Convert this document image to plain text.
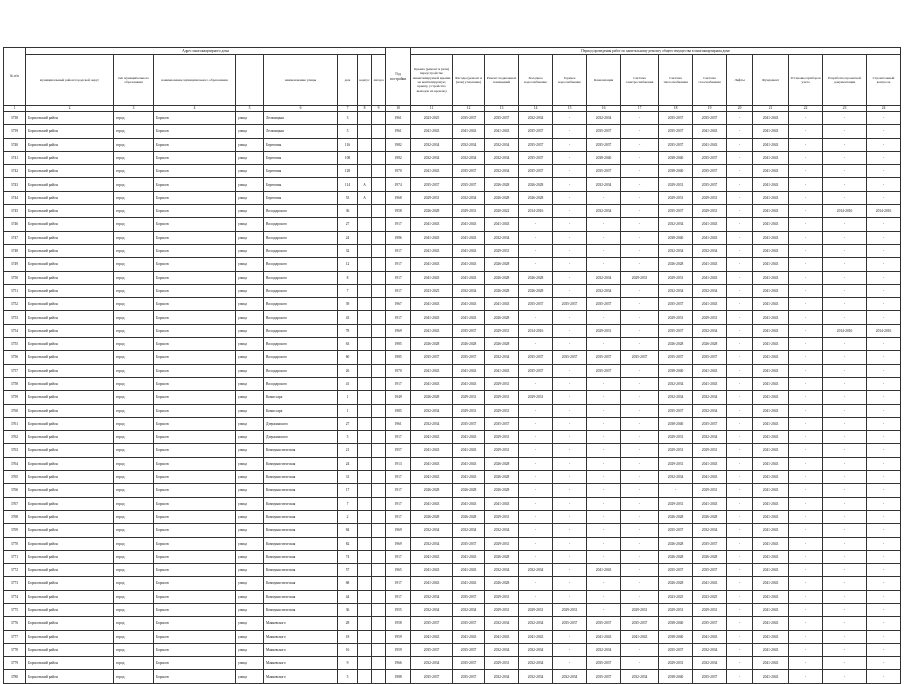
№ п/п	Адрес многоквартирного дома								Год постройки	Период проведения работ по капитальному ремонту общего имущества в многоквартирном доме													
	муниципальный район/городской округ	тип муниципального образования	наименование муниципального образования		наименование улицы	дом	корпус	литера		Крыша (ремонт и (или) переустройство невентилируемой крыши на вентилируемую крышу, устройство выходов на кровлю)	Фасады (ремонт и (или) утепление)	Ремонт подвальных помещений	Холодное водоснабжение	Горячее водоснабжение	Канализация	Система электроснабжения	Система теплоснабжения	Система газоснабжения	Лифты	Фундамент	Установка приборов учета	Разработка проектной документации	Строительный контроль
1	2	3	4	5	6	7	8	9	10	11	12	13	14	15	16	17	18	19	20	21	22	23	24
3738	Борисовский район	город	Борисов	улица	Лельчицкая	3			1961	2023-2025	2035-2037	2035-2037	2032-2034	-	2032-2034	-	2035-2037	2035-2037	-	2041-2043	-	-	-
3739	Борисовский район	город	Борисов	улица	Лельчицкая	5			1961	2041-2043	2041-2043	2041-2043	2035-2037	-	2035-2037	-	2035-2037	2041-2043	-	2041-2043	-	-	-
3740	Борисовский район	город	Борисов	улица	Береговая	116			1982	2032-2034	2032-2034	2032-2034	2035-2037	-	2035-2037	-	2035-2037	2041-2043	-	2041-2043	-	-	-
3741	Борисовский район	город	Борисов	улица	Береговая	108			1982	2032-2034	2032-2034	2032-2034	2035-2037	-	2038-2040	-	2038-2040	2035-2037	-	2041-2043	-	-	-
3742	Борисовский район	город	Борисов	улица	Береговая	128			1970	2041-2043	2035-2037	2032-2034	2035-2037	-	2035-2037	-	2038-2040	2035-2037	-	2041-2043	-	-	-
3743	Борисовский район	город	Борисов	улица	Береговая	114	А		1974	2035-2037	2035-2037	2026-2028	2026-2028	-	2032-2034	-	2029-2031	2035-2037	-	2041-2043	-	-	-
3744	Борисовский район	город	Борисов	улица	Береговая	53	А		1968	2029-2031	2032-2034	2026-2028	2026-2028	-	-	-	2029-2031	2029-2031	-	2041-2043	-	-	-
3745	Борисовский район	город	Борисов	улица	Володарского	36			1958	2026-2028	2029-2031	2020-2022	2014-2016	-	2032-2034	-	2035-2037	2029-2031	-	2041-2043	-	2014-2016	2014-2016
3746	Борисовский район	город	Борисов	улица	Володарского	27			1917	2041-2043	2041-2043	2041-2043	-	-	-	-	2032-2034	2041-2043	-	2041-2043	-	-	-
3747	Борисовский район	город	Борисов	улица	Володарского	24			1986	2041-2043	2041-2043	2032-2034	-	-	-	-	2038-2040	2041-2043	-	2041-2043	-	-	-
3748	Борисовский район	город	Борисов	улица	Володарского	32			1917	2041-2043	2041-2043	2029-2031	-	-	-	-	2032-2034	2032-2034	-	2041-2043	-	-	-
3749	Борисовский район	город	Борисов	улица	Володарского	12			1917	2041-2043	2041-2043	2026-2028	-	-	-	-	2026-2028	2041-2043	-	2041-2043	-	-	-
3750	Борисовский район	город	Борисов	улица	Володарского	8			1917	2041-2043	2041-2043	2026-2028	2026-2028	-	2032-2034	2029-2031	2029-2031	2041-2043	-	2041-2043	-	-	-
3751	Борисовский район	город	Борисов	улица	Володарского	7			1917	2023-2025	2032-2034	2026-2028	2026-2028	-	2032-2034	-	2032-2034	2032-2034	-	2041-2043	-	-	-
3752	Борисовский район	город	Борисов	улица	Володарского	39			1967	2041-2043	2041-2043	2041-2043	2035-2037	2035-2037	2035-2037	-	2035-2037	2041-2043	-	2041-2043	-	-	-
3753	Борисовский район	город	Борисов	улица	Володарского	43			1917	2041-2043	2041-2043	2026-2028	-	-	-	-	2029-2031	2029-2031	-	2041-2043	-	-	-
3754	Борисовский район	город	Борисов	улица	Володарского	78			1969	2041-2043	2035-2037	2029-2031	2014-2016	-	2029-2031	-	2035-2037	2032-2034	-	2041-2043	-	2014-2016	2014-2016
3755	Борисовский район	город	Борисов	улица	Володарского	63			1985	2026-2028	2026-2028	2026-2028	-	-	-	-	2026-2028	2026-2028	-	2041-2043	-	-	-
3756	Борисовский район	город	Борисов	улица	Володарского	60			1985	2035-2037	2035-2037	2032-2034	2035-2037	2035-2037	2035-2037	2035-2037	2035-2037	2035-2037	-	2041-2043	-	-	-
3757	Борисовский район	город	Борисов	улица	Володарского	26			1970	2041-2043	2041-2043	2041-2043	2035-2037	-	2035-2037	-	2038-2040	2041-2043	-	2041-2043	-	-	-
3758	Борисовский район	город	Борисов	улица	Володарского	41			1917	2041-2043	2041-2043	2029-2031	-	-	-	-	2032-2034	2041-2043	-	2041-2043	-	-	-
3759	Борисовский район	город	Борисов	улица	Комиссара	1			1949	2026-2028	2029-2031	2029-2031	2029-2031	-	-	-	2032-2034	2032-2034	-	2041-2043	-	-	-
3760	Борисовский район	город	Борисов	улица	Комиссара	1			1985	2032-2034	2029-2031	2029-2031	-	-	-	-	2035-2037	2032-2034	-	2041-2043	-	-	-
3761	Борисовский район	город	Борисов	улица	Дзержинского	27			1961	2032-2034	2035-2037	2035-2037	-	-	-	-	2038-2040	2035-2037	-	2041-2043	-	-	-
3762	Борисовский район	город	Борисов	улица	Дзержинского	5			1917	2041-2043	2041-2043	2029-2031	-	-	-	-	2029-2031	2032-2034	-	2041-2043	-	-	-
3763	Борисовский район	город	Борисов	улица	Коммунистическая	21			1957	2041-2043	2041-2043	2029-2031	-	-	-	-	2029-2031	2029-2031	-	2041-2043	-	-	-
3764	Борисовский район	город	Борисов	улица	Коммунистическая	24			1913	2041-2043	2041-2043	2026-2028	-	-	-	-	2029-2031	2041-2043	-	2041-2043	-	-	-
3765	Борисовский район	город	Борисов	улица	Коммунистическая	31			1917	2041-2043	2041-2043	2026-2028	-	-	-	-	2032-2034	2041-2043	-	2041-2043	-	-	-
3766	Борисовский район	город	Борисов	улица	Коммунистическая	17			1917	2026-2028	2026-2028	2026-2028	-	-	-	-	-	2029-2031	-	2041-2043	-	-	-
3767	Борисовский район	город	Борисов	улица	Коммунистическая	7			1917	2041-2043	2041-2043	2041-2043	-	-	-	-	2029-2031	2041-2043	-	2041-2043	-	-	-
3768	Борисовский район	город	Борисов	улица	Коммунистическая	2			1917	2026-2028	2026-2028	2029-2031	-	-	-	-	2026-2028	2026-2028	-	2041-2043	-	-	-
3769	Борисовский район	город	Борисов	улица	Коммунистическая	84			1969	2032-2034	2032-2034	2032-2034	-	-	-	-	2035-2037	2032-2034	-	2041-2043	-	-	-
3770	Борисовский район	город	Борисов	улица	Коммунистическая	82			1969	2032-2034	2035-2037	2029-2031	-	-	-	-	2026-2028	2035-2037	-	2041-2043	-	-	-
3771	Борисовский район	город	Борисов	улица	Коммунистическая	74			1917	2041-2043	2041-2043	2026-2028	-	-	-	-	2026-2028	2026-2028	-	2041-2043	-	-	-
3772	Борисовский район	город	Борисов	улица	Коммунистическая	57			1965	2041-2043	2041-2043	2032-2034	2032-2034	-	2041-2043	-	2035-2037	2035-2037	-	2041-2043	-	-	-
3773	Борисовский район	город	Борисов	улица	Коммунистическая	68			1917	2041-2043	2041-2043	2026-2028	-	-	-	-	2026-2028	2041-2043	-	2041-2043	-	-	-
3774	Борисовский район	город	Борисов	улица	Коммунистическая	44			1917	2032-2034	2035-2037	2029-2031	-	-	-	-	2023-2025	2023-2025	-	2041-2043	-	-	-
3775	Борисовский район	город	Борисов	улица	Коммунистическая	36			1955	2032-2034	2032-2034	2029-2031	2029-2031	2029-2031	-	2029-2031	2029-2031	2029-2031	-	2041-2043	-	-	-
3776	Борисовский район	город	Борисов	улица	Маяковского	28			1958	2035-2037	2035-2037	2032-2034	2032-2034	2035-2037	2035-2037	2035-2037	2038-2040	2035-2037	-	2041-2043	-	-	-
3777	Борисовский район	город	Борисов	улица	Маяковского	18			1959	2041-2043	2041-2043	2041-2043	2041-2043	-	2041-2043	2041-2043	2038-2040	2041-2043	-	2041-2043	-	-	-
3778	Борисовский район	город	Борисов	улица	Маяковского	16			1959	2035-2037	2035-2037	2032-2034	2032-2034	-	2032-2034	-	2035-2037	2032-2034	-	2041-2043	-	-	-
3779	Борисовский район	город	Борисов	улица	Маяковского	9			1966	2032-2034	2035-2037	2029-2031	2032-2034	-	2035-2037	-	2029-2031	2032-2034	-	2041-2043	-	-	-
3780	Борисовский район	город	Борисов	улица	Маяковского	5			1988	2035-2037	2035-2037	2032-2034	2032-2034	2032-2034	2035-2037	2032-2034	2038-2040	2035-2037	-	2041-2043	-	-	-
